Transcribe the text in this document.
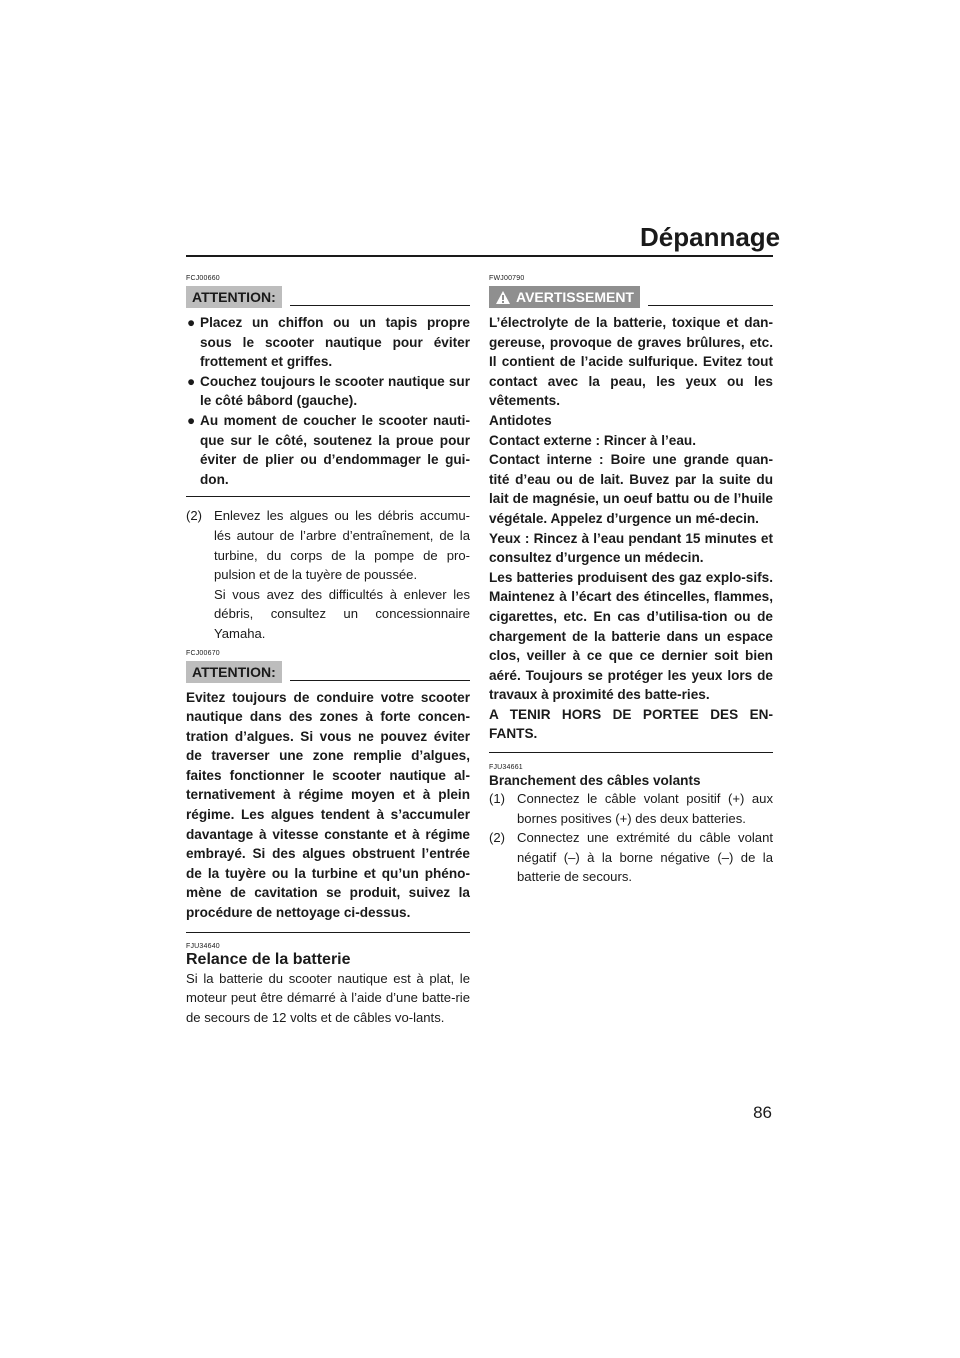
Dépannage
FCJ00660
ATTENTION:
● Placez un chiffon ou un tapis propre sous le scooter nautique pour éviter frottement et griffes.
● Couchez toujours le scooter nautique sur le côté bâbord (gauche).
● Au moment de coucher le scooter nauti-que sur le côté, soutenez la proue pour éviter de plier ou d’endommager le gui-don.
(2) Enlevez les algues ou les débris accumu-lés autour de l’arbre d’entraînement, de la turbine, du corps de la pompe de pro-pulsion et de la tuyère de poussée.
Si vous avez des difficultés à enlever les débris, consultez un concessionnaire Yamaha.
FCJ00670
ATTENTION:

Evitez toujours de conduire votre scooter nautique dans des zones à forte concen-tration d’algues. Si vous ne pouvez éviter de traverser une zone remplie d’algues, faites fonctionner le scooter nautique al-ternativement à régime moyen et à plein régime. Les algues tendent à s’accumuler davantage à vitesse constante et à régime embrayé. Si des algues obstruent l’entrée de la tuyère ou la turbine et qu’un phéno-mène de cavitation se produit, suivez la procédure de nettoyage ci-dessus.

FJU34640
Relance de la batterie

Si la batterie du scooter nautique est à plat, le moteur peut être démarré à l’aide d’une batte-rie de secours de 12 volts et de câbles vo-lants.

FWJ00790
AVERTISSEMENT

L’électrolyte de la batterie, toxique et dan-gereuse, provoque de graves brûlures, etc. Il contient de l’acide sulfurique. Evitez tout contact avec la peau, les yeux ou les vêtements.

Antidotes

Contact externe : Rincer à l’eau.

Contact interne : Boire une grande quan-tité d’eau ou de lait. Buvez par la suite du lait de magnésie, un oeuf battu ou de l’huile végétale. Appelez d’urgence un mé-decin.

Yeux : Rincez à l’eau pendant 15 minutes et consultez d’urgence un médecin.

Les batteries produisent des gaz explo-sifs. Maintenez à l’écart des étincelles, flammes, cigarettes, etc. En cas d’utilisa-tion ou de chargement de la batterie dans un espace clos, veiller à ce que ce dernier soit bien aéré. Toujours se protéger les yeux lors de travaux à proximité des batte-ries.

A TENIR HORS DE PORTEE DES EN-FANTS.

FJU34661
Branchement des câbles volants
(1) Connectez le câble volant positif (+) aux bornes positives (+) des deux batteries.
(2) Connectez une extrémité du câble volant négatif (–) à la borne négative (–) de la batterie de secours.
86
